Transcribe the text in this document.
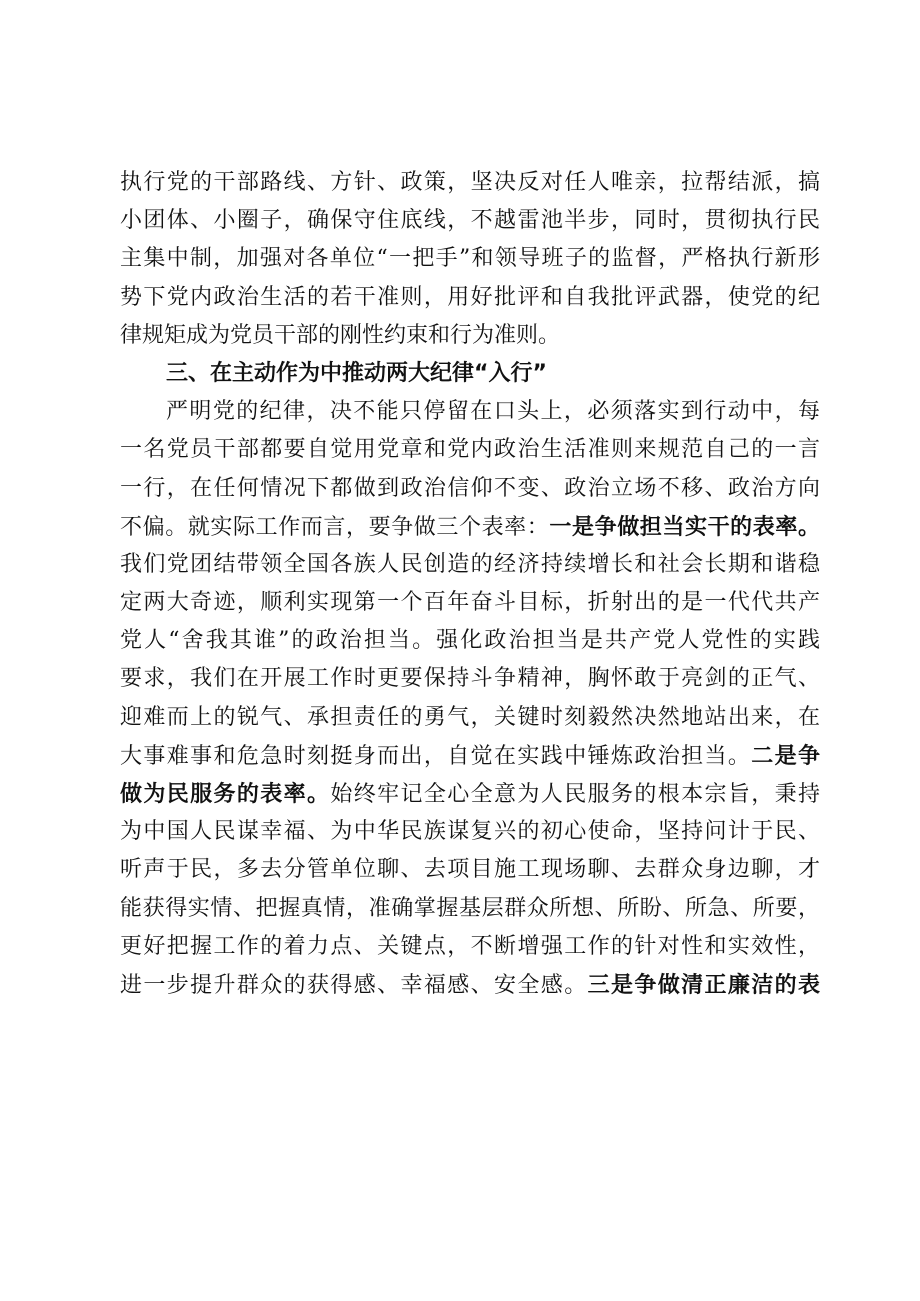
执行党的干部路线、方针、政策，坚决反对任人唯亲，拉帮结派，搞
小团体、小圈子，确保守住底线，不越雷池半步，同时，贯彻执行民
主集中制，加强对各单位“一把手”和领导班子的监督，严格执行新形
势下党内政治生活的若干准则，用好批评和自我批评武器，使党的纪
律规矩成为党员干部的刚性约束和行为准则。
三、在主动作为中推动两大纪律“入行”
严明党的纪律，决不能只停留在口头上，必须落实到行动中，每
一名党员干部都要自觉用党章和党内政治生活准则来规范自己的一言
一行，在任何情况下都做到政治信仰不变、政治立场不移、政治方向
不偏。就实际工作而言，要争做三个表率：一是争做担当实干的表率。
我们党团结带领全国各族人民创造的经济持续增长和社会长期和谐稳
定两大奇迹，顺利实现第一个百年奋斗目标，折射出的是一代代共产
党人“舍我其谁”的政治担当。强化政治担当是共产党人党性的实践
要求，我们在开展工作时更要保持斗争精神，胸怀敢于亮剑的正气、
迎难而上的锐气、承担责任的勇气，关键时刻毅然决然地站出来，在
大事难事和危急时刻挺身而出，自觉在实践中锤炼政治担当。二是争
做为民服务的表率。始终牢记全心全意为人民服务的根本宗旨，秉持
为中国人民谋幸福、为中华民族谋复兴的初心使命，坚持问计于民、
听声于民，多去分管单位聊、去项目施工现场聊、去群众身边聊，才
能获得实情、把握真情，准确掌握基层群众所想、所盼、所急、所要，
更好把握工作的着力点、关键点，不断增强工作的针对性和实效性，
进一步提升群众的获得感、幸福感、安全感。三是争做清正廉洁的表
